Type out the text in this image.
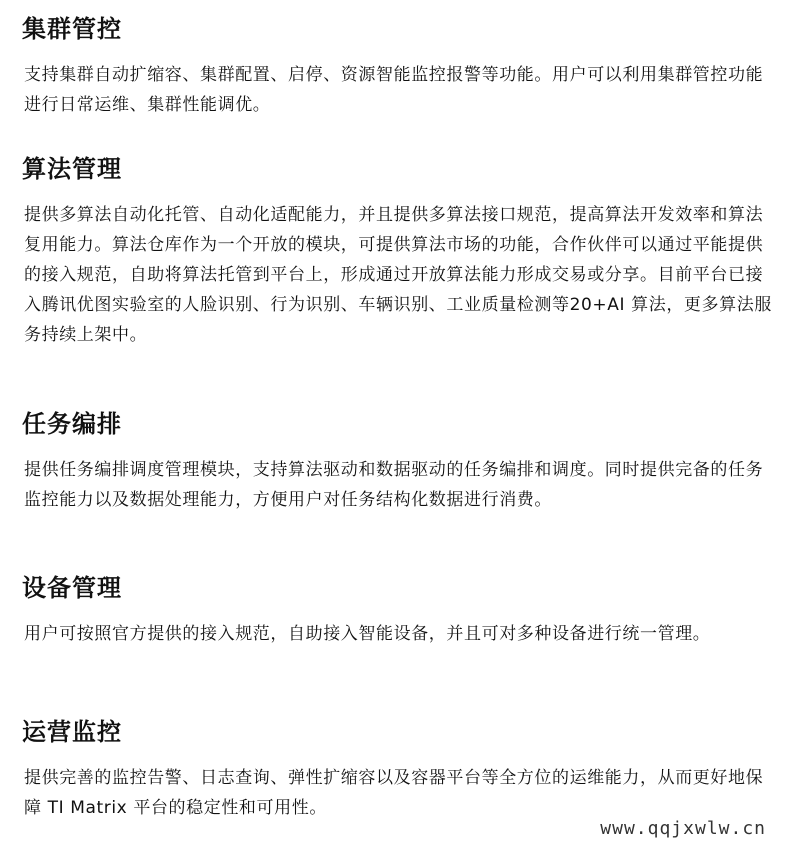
集群管控

支持集群自动扩缩容、集群配置、启停、资源智能监控报警等功能。用户可以利用集群管控功能进行日常运维、集群性能调优。

算法管理

提供多算法自动化托管、自动化适配能力，并且提供多算法接口规范，提高算法开发效率和算法复用能力。算法仓库作为一个开放的模块，可提供算法市场的功能，合作伙伴可以通过平能提供的接入规范，自助将算法托管到平台上，形成通过开放算法能力形成交易或分享。目前平台已接入腾讯优图实验室的人脸识别、行为识别、车辆识别、工业质量检测等20+AI 算法，更多算法服务持续上架中。

任务编排

提供任务编排调度管理模块，支持算法驱动和数据驱动的任务编排和调度。同时提供完备的任务监控能力以及数据处理能力，方便用户对任务结构化数据进行消费。

设备管理

用户可按照官方提供的接入规范，自助接入智能设备，并且可对多种设备进行统一管理。

运营监控

提供完善的监控告警、日志查询、弹性扩缩容以及容器平台等全方位的运维能力，从而更好地保障 TI Matrix 平台的稳定性和可用性。

www.qqjxwlw.cn
